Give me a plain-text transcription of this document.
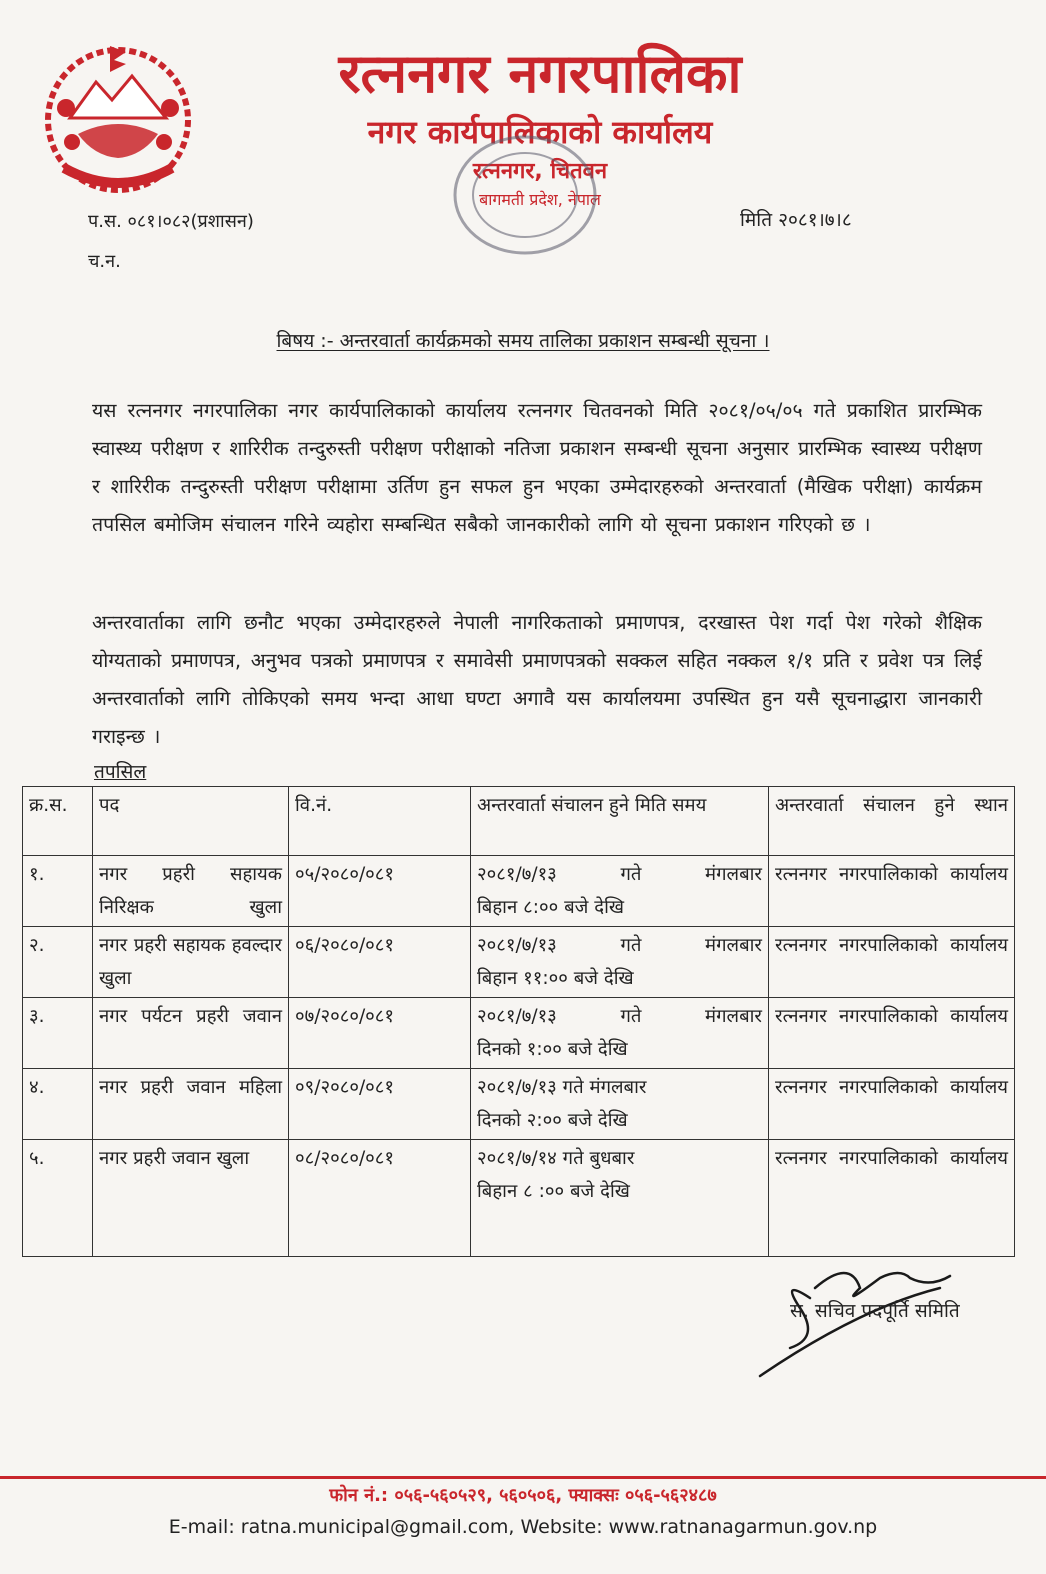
रत्ननगर नगरपालिका
नगर कार्यपालिकाको कार्यालय
रत्ननगर, चितवन
बागमती प्रदेश, नेपाल
प.स. ०८१।०८२(प्रशासन)
च.न.
मिति २०८१।७।८
बिषय :- अन्तरवार्ता कार्यक्रमको समय तालिका प्रकाशन सम्बन्धी सूचना ।
यस रत्ननगर नगरपालिका नगर कार्यपालिकाको कार्यालय रत्ननगर चितवनको मिति २०८१/०५/०५ गते प्रकाशित प्रारम्भिक स्वास्थ्य परीक्षण र शारिरीक तन्दुरुस्ती परीक्षण परीक्षाको नतिजा प्रकाशन सम्बन्धी सूचना अनुसार प्रारम्भिक स्वास्थ्य परीक्षण र शारिरीक तन्दुरुस्ती परीक्षण परीक्षामा उर्तिण हुन सफल हुन भएका उम्मेदारहरुको अन्तरवार्ता (मैखिक परीक्षा) कार्यक्रम तपसिल बमोजिम संचालन गरिने व्यहोरा सम्बन्धित सबैको जानकारीको लागि यो सूचना प्रकाशन गरिएको छ ।
अन्तरवार्ताका लागि छनौट भएका उम्मेदारहरुले नेपाली नागरिकताको प्रमाणपत्र, दरखास्त पेश गर्दा पेश गरेको शैक्षिक योग्यताको प्रमाणपत्र, अनुभव पत्रको प्रमाणपत्र र समावेसी प्रमाणपत्रको सक्कल सहित नक्कल १/१ प्रति र प्रवेश पत्र लिई अन्तरवार्ताको लागि तोकिएको समय भन्दा आधा घण्टा अगावै यस कार्यालयमा उपस्थित हुन यसै सूचनाद्धारा जानकारी गराइन्छ ।
तपसिल
क्र.स.	पद	वि.नं.	अन्तरवार्ता संचालन हुने मिति समय	अन्तरवार्ता संचालन हुने स्थान

१.	नगर प्रहरी सहायक निरिक्षक खुला	०५/२०८०/०८१	२०८१/७/१३ गते मंगलबार
बिहान ८:०० बजे देखि	रत्ननगर नगरपालिकाको कार्यालय

२.	नगर प्रहरी सहायक हवल्दार खुला	०६/२०८०/०८१	२०८१/७/१३ गते मंगलबार
बिहान ११:०० बजे देखि	रत्ननगर नगरपालिकाको कार्यालय

३.	नगर पर्यटन प्रहरी जवान	०७/२०८०/०८१	२०८१/७/१३ गते मंगलबार
दिनको १:०० बजे देखि	रत्ननगर नगरपालिकाको कार्यालय

४.	नगर प्रहरी जवान महिला	०९/२०८०/०८१	२०८१/७/१३ गते मंगलबार
दिनको २:०० बजे देखि	रत्ननगर नगरपालिकाको कार्यालय

५.	नगर प्रहरी जवान खुला	०८/२०८०/०८१	२०८१/७/१४ गते बुधबार
बिहान ८ :०० बजे देखि	रत्ननगर नगरपालिकाको कार्यालय
स. सचिव पदपूर्ति समिति
फोन नं.: ०५६-५६०५२९, ५६०५०६, फ्याक्सः ०५६-५६२४८७
E-mail: ratna.municipal@gmail.com, Website: www.ratnanagarmun.gov.np
